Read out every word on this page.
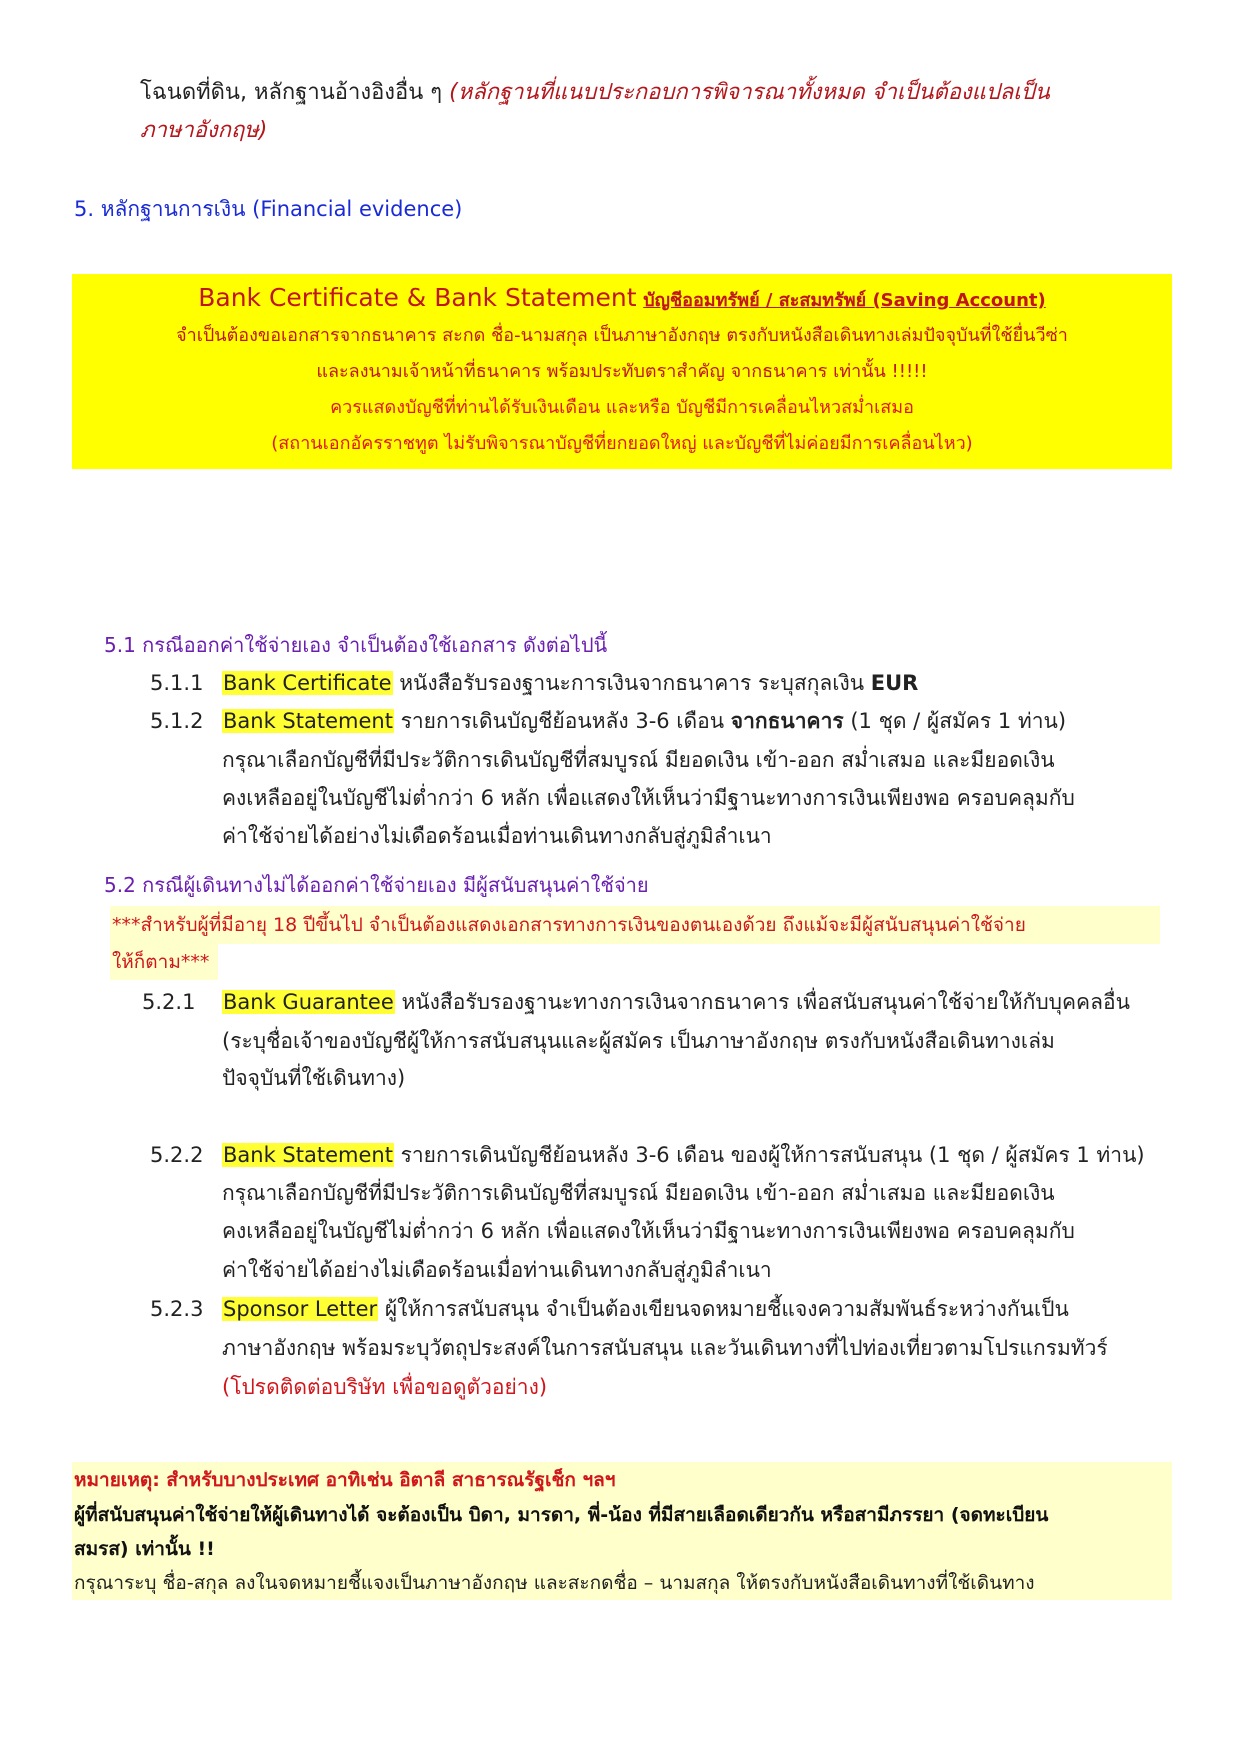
โฉนดที่ดิน, หลักฐานอ้างอิงอื่น ๆ (หลักฐานที่แนบประกอบการพิจารณาทั้งหมด จำเป็นต้องแปลเป็น
ภาษาอังกฤษ)
5. หลักฐานการเงิน (Financial evidence)
Bank Certificate & Bank Statement บัญชีออมทรัพย์ / สะสมทรัพย์ (Saving Account)
จำเป็นต้องขอเอกสารจากธนาคาร สะกด ชื่อ-นามสกุล เป็นภาษาอังกฤษ ตรงกับหนังสือเดินทางเล่มปัจจุบันที่ใช้ยื่นวีซ่า
และลงนามเจ้าหน้าที่ธนาคาร พร้อมประทับตราสำคัญ จากธนาคาร เท่านั้น !!!!!
ควรแสดงบัญชีที่ท่านได้รับเงินเดือน และหรือ บัญชีมีการเคลื่อนไหวสม่ำเสมอ
(สถานเอกอัครราชทูต ไม่รับพิจารณาบัญชีที่ยกยอดใหญ่ และบัญชีที่ไม่ค่อยมีการเคลื่อนไหว)
5.1 กรณีออกค่าใช้จ่ายเอง จำเป็นต้องใช้เอกสาร ดังต่อไปนี้
5.1.1 Bank Certificate หนังสือรับรองฐานะการเงินจากธนาคาร ระบุสกุลเงิน EUR
5.1.2 Bank Statement รายการเดินบัญชีย้อนหลัง 3-6 เดือน จากธนาคาร (1 ชุด / ผู้สมัคร 1 ท่าน)
กรุณาเลือกบัญชีที่มีประวัติการเดินบัญชีที่สมบูรณ์ มียอดเงิน เข้า-ออก สม่ำเสมอ และมียอดเงิน
คงเหลืออยู่ในบัญชีไม่ต่ำกว่า 6 หลัก เพื่อแสดงให้เห็นว่ามีฐานะทางการเงินเพียงพอ ครอบคลุมกับ
ค่าใช้จ่ายได้อย่างไม่เดือดร้อนเมื่อท่านเดินทางกลับสู่ภูมิลำเนา
5.2 กรณีผู้เดินทางไม่ได้ออกค่าใช้จ่ายเอง มีผู้สนับสนุนค่าใช้จ่าย
***สำหรับผู้ที่มีอายุ 18 ปีขึ้นไป จำเป็นต้องแสดงเอกสารทางการเงินของตนเองด้วย ถึงแม้จะมีผู้สนับสนุนค่าใช้จ่าย
ให้ก็ตาม***
5.2.1 Bank Guarantee หนังสือรับรองฐานะทางการเงินจากธนาคาร เพื่อสนับสนุนค่าใช้จ่ายให้กับบุคคลอื่น
(ระบุชื่อเจ้าของบัญชีผู้ให้การสนับสนุนและผู้สมัคร เป็นภาษาอังกฤษ ตรงกับหนังสือเดินทางเล่ม
ปัจจุบันที่ใช้เดินทาง)
5.2.2 Bank Statement รายการเดินบัญชีย้อนหลัง 3-6 เดือน ของผู้ให้การสนับสนุน (1 ชุด / ผู้สมัคร 1 ท่าน)
กรุณาเลือกบัญชีที่มีประวัติการเดินบัญชีที่สมบูรณ์ มียอดเงิน เข้า-ออก สม่ำเสมอ และมียอดเงิน
คงเหลืออยู่ในบัญชีไม่ต่ำกว่า 6 หลัก เพื่อแสดงให้เห็นว่ามีฐานะทางการเงินเพียงพอ ครอบคลุมกับ
ค่าใช้จ่ายได้อย่างไม่เดือดร้อนเมื่อท่านเดินทางกลับสู่ภูมิลำเนา
5.2.3 Sponsor Letter ผู้ให้การสนับสนุน จำเป็นต้องเขียนจดหมายชี้แจงความสัมพันธ์ระหว่างกันเป็น
ภาษาอังกฤษ พร้อมระบุวัตถุประสงค์ในการสนับสนุน และวันเดินทางที่ไปท่องเที่ยวตามโปรแกรมทัวร์
(โปรดติดต่อบริษัท เพื่อขอดูตัวอย่าง)
หมายเหตุ: สำหรับบางประเทศ อาทิเช่น อิตาลี สาธารณรัฐเช็ก ฯลฯ
ผู้ที่สนับสนุนค่าใช้จ่ายให้ผู้เดินทางได้ จะต้องเป็น บิดา, มารดา, พี่-น้อง ที่มีสายเลือดเดียวกัน หรือสามีภรรยา (จดทะเบียน
สมรส) เท่านั้น !!
กรุณาระบุ ชื่อ-สกุล ลงในจดหมายชี้แจงเป็นภาษาอังกฤษ และสะกดชื่อ – นามสกุล ให้ตรงกับหนังสือเดินทางที่ใช้เดินทาง
